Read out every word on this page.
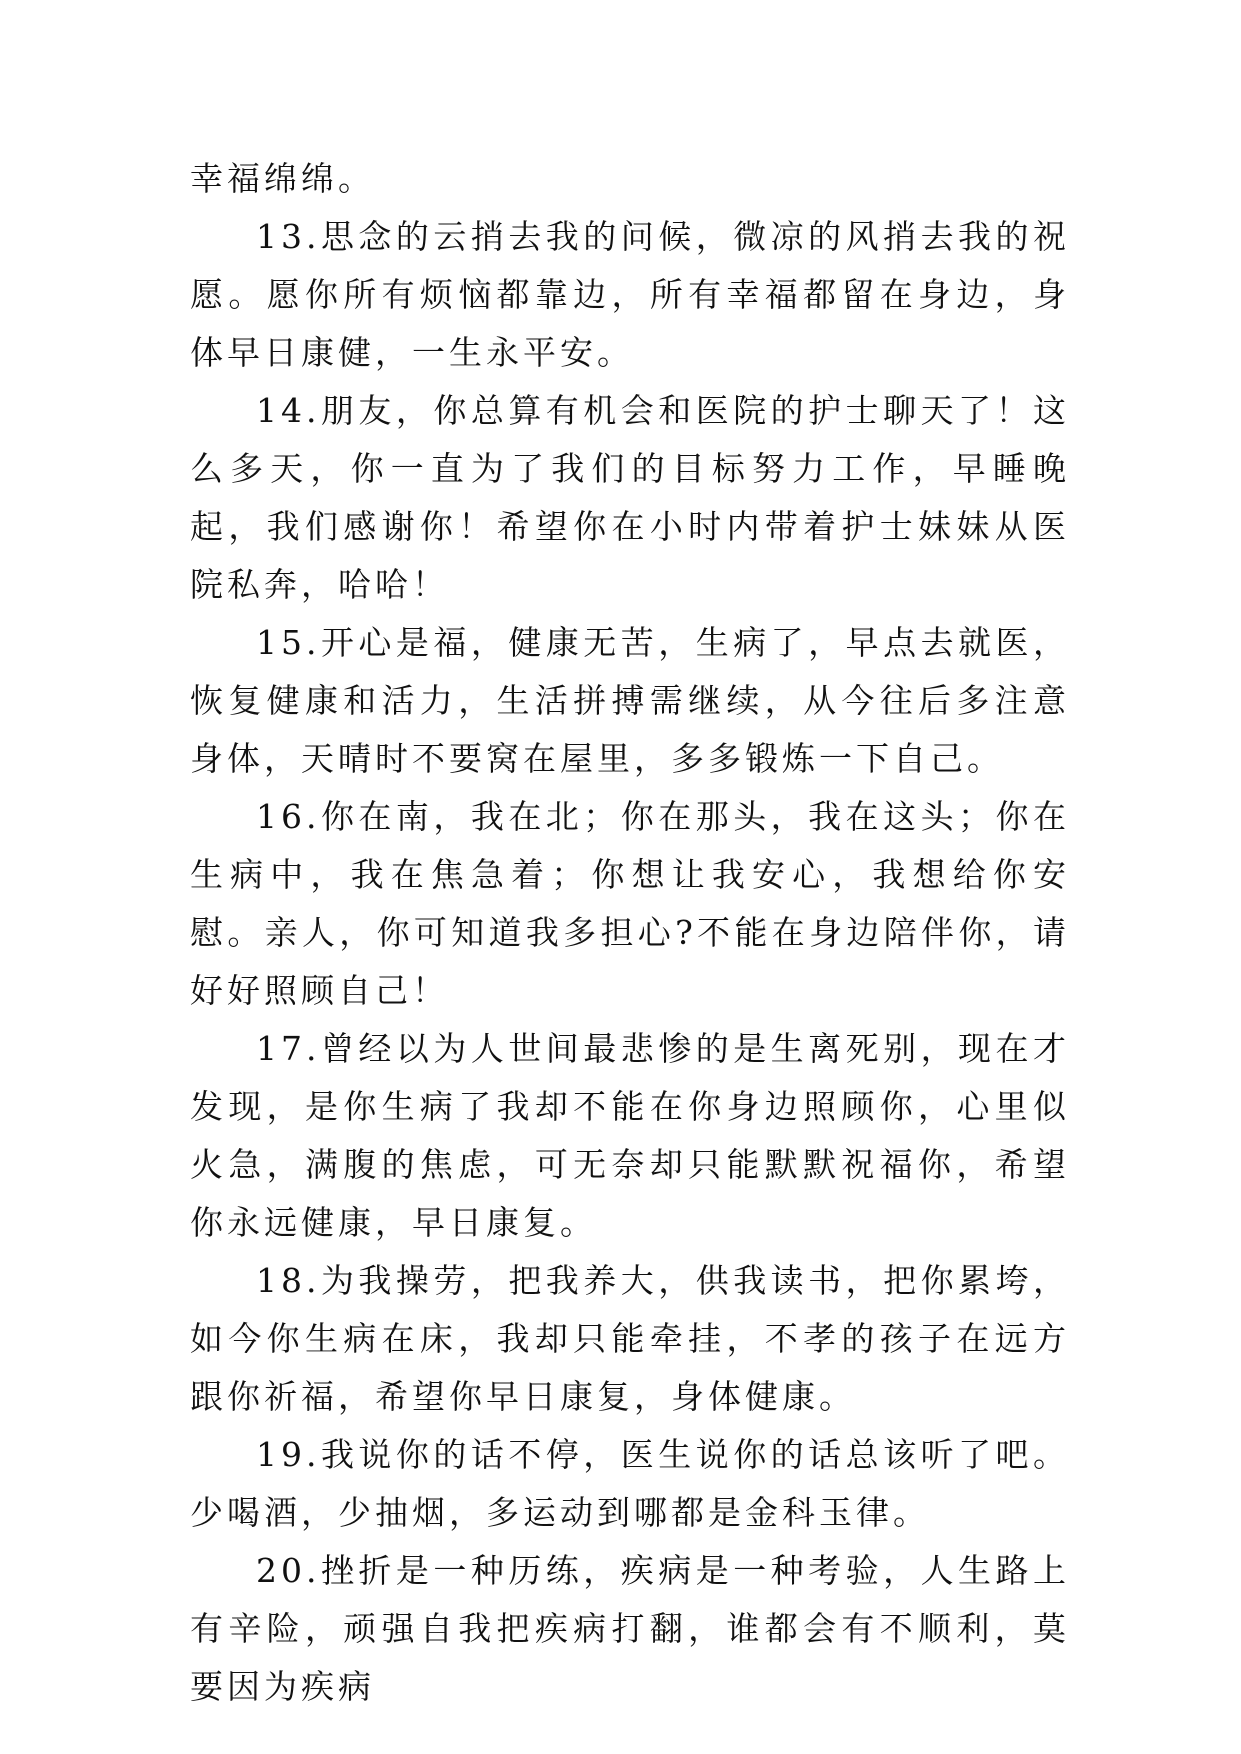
幸福绵绵。

13.思念的云捎去我的问候，微凉的风捎去我的祝愿。愿你所有烦恼都靠边，所有幸福都留在身边，身体早日康健，一生永平安。

14.朋友，你总算有机会和医院的护士聊天了！这么多天，你一直为了我们的目标努力工作，早睡晚起，我们感谢你！希望你在小时内带着护士妹妹从医院私奔，哈哈！

15.开心是福，健康无苦，生病了，早点去就医，恢复健康和活力，生活拼搏需继续，从今往后多注意身体，天晴时不要窝在屋里，多多锻炼一下自己。

16.你在南，我在北；你在那头，我在这头；你在生病中，我在焦急着；你想让我安心，我想给你安慰。亲人，你可知道我多担心?不能在身边陪伴你，请好好照顾自己！

17.曾经以为人世间最悲惨的是生离死别，现在才发现，是你生病了我却不能在你身边照顾你，心里似火急，满腹的焦虑，可无奈却只能默默祝福你，希望你永远健康，早日康复。

18.为我操劳，把我养大，供我读书，把你累垮，如今你生病在床，我却只能牵挂，不孝的孩子在远方跟你祈福，希望你早日康复，身体健康。

19.我说你的话不停，医生说你的话总该听了吧。少喝酒，少抽烟，多运动到哪都是金科玉律。

20.挫折是一种历练，疾病是一种考验，人生路上有辛险，顽强自我把疾病打翻，谁都会有不顺利，莫要因为疾病
